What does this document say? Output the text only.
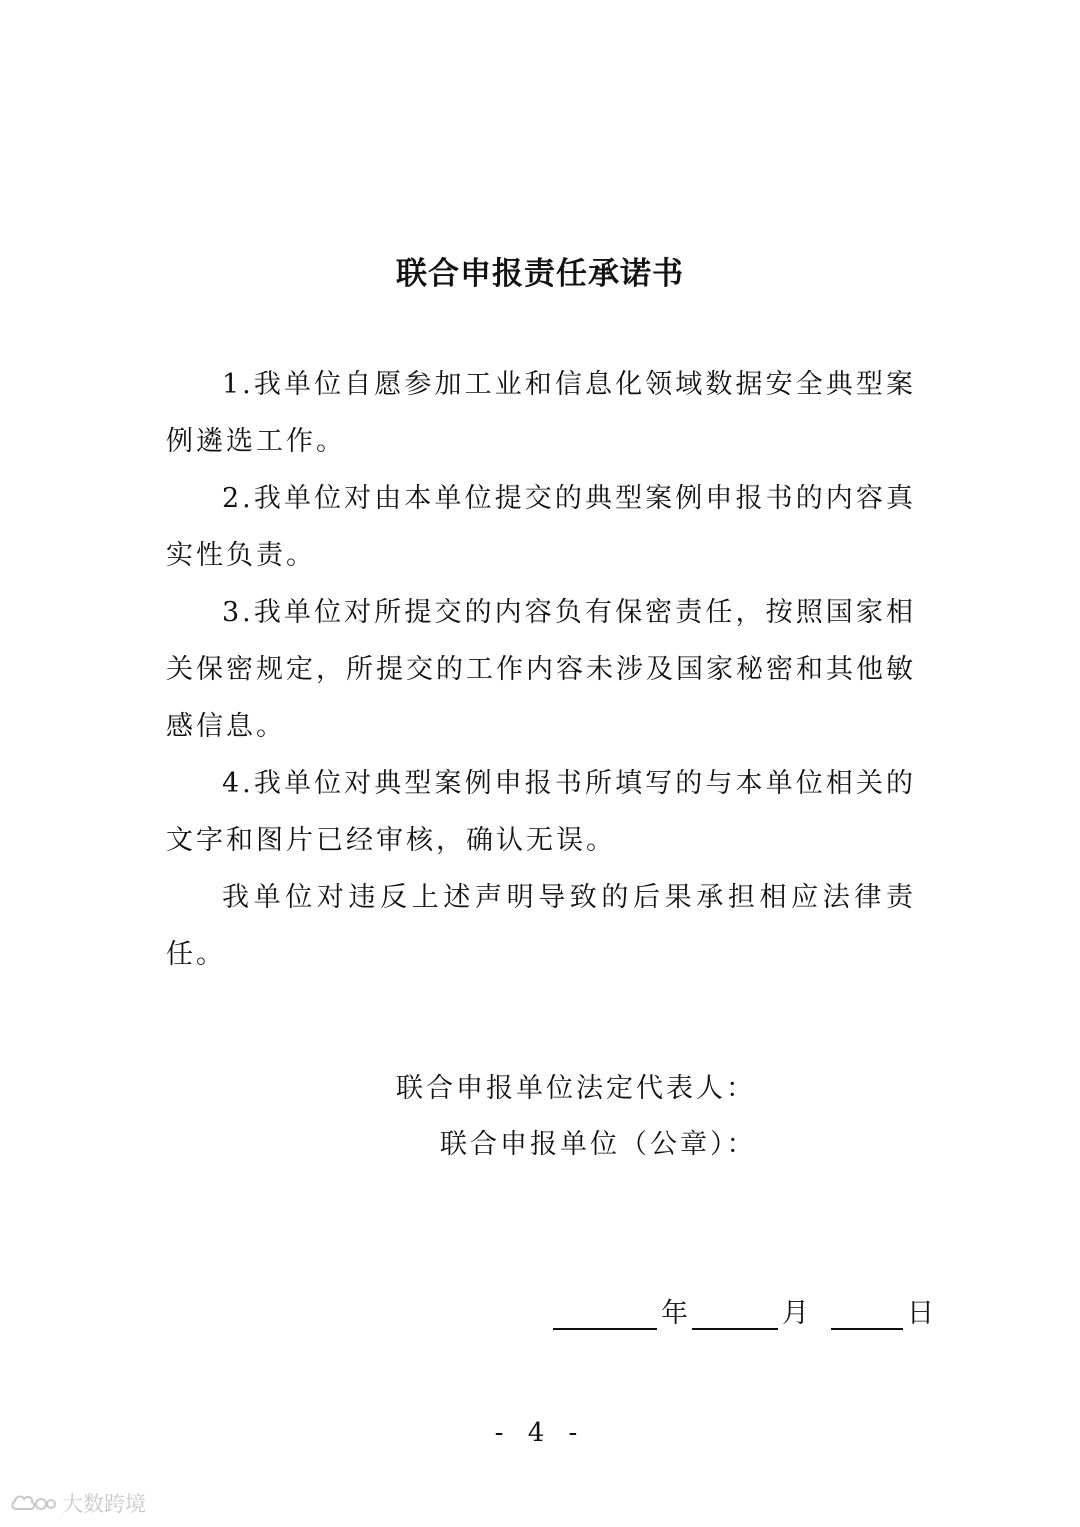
联合申报责任承诺书

1.我单位自愿参加工业和信息化领域数据安全典型案例遴选工作。

2.我单位对由本单位提交的典型案例申报书的内容真实性负责。

3.我单位对所提交的内容负有保密责任，按照国家相关保密规定，所提交的工作内容未涉及国家秘密和其他敏感信息。

4.我单位对典型案例申报书所填写的与本单位相关的文字和图片已经审核，确认无误。

我单位对违反上述声明导致的后果承担相应法律责任。

联合申报单位法定代表人：
联合申报单位（公章）：
年	月	日
- 4 -
大数跨境
